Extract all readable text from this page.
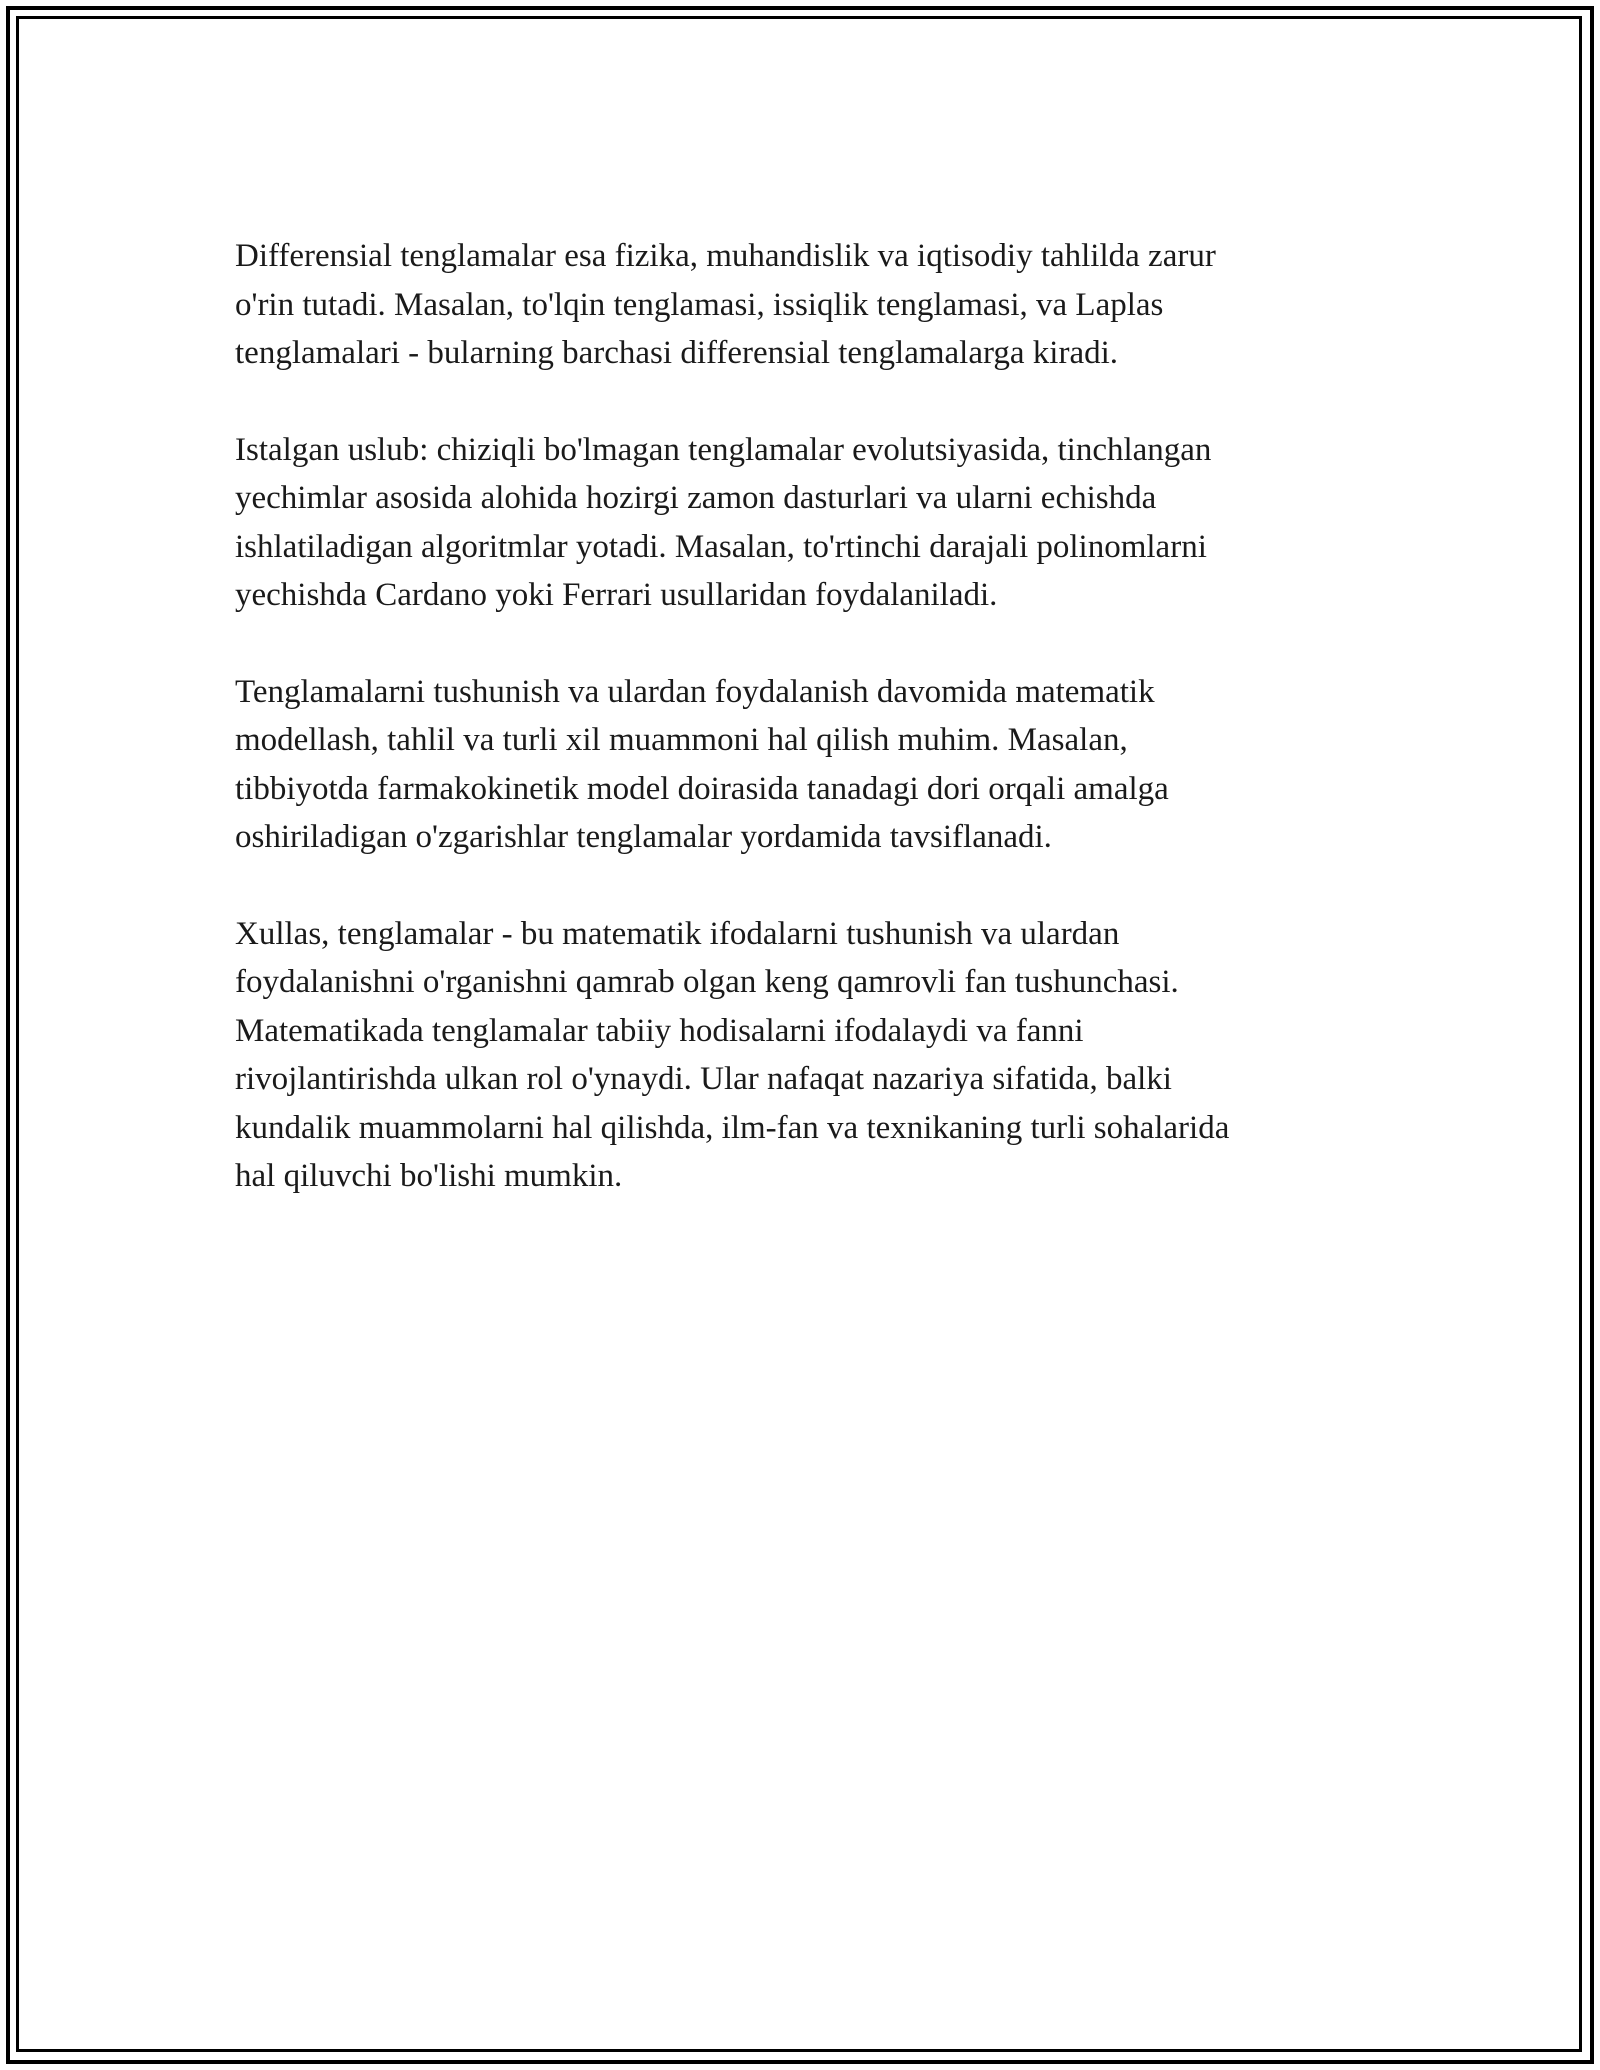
Differensial tenglamalar esa fizika, muhandislik va iqtisodiy tahlilda zarur
o'rin tutadi. Masalan, to'lqin tenglamasi, issiqlik tenglamasi, va Laplas
tenglamalari - bularning barchasi differensial tenglamalarga kiradi.

Istalgan uslub: chiziqli bo'lmagan tenglamalar evolutsiyasida, tinchlangan
yechimlar asosida alohida hozirgi zamon dasturlari va ularni echishda
ishlatiladigan algoritmlar yotadi. Masalan, to'rtinchi darajali polinomlarni
yechishda Cardano yoki Ferrari usullaridan foydalaniladi.

Tenglamalarni tushunish va ulardan foydalanish davomida matematik
modellash, tahlil va turli xil muammoni hal qilish muhim. Masalan,
tibbiyotda farmakokinetik model doirasida tanadagi dori orqali amalga
oshiriladigan o'zgarishlar tenglamalar yordamida tavsiflanadi.

Xullas, tenglamalar - bu matematik ifodalarni tushunish va ulardan
foydalanishni o'rganishni qamrab olgan keng qamrovli fan tushunchasi.
Matematikada tenglamalar tabiiy hodisalarni ifodalaydi va fanni
rivojlantirishda ulkan rol o'ynaydi. Ular nafaqat nazariya sifatida, balki
kundalik muammolarni hal qilishda, ilm-fan va texnikaning turli sohalarida
hal qiluvchi bo'lishi mumkin.
